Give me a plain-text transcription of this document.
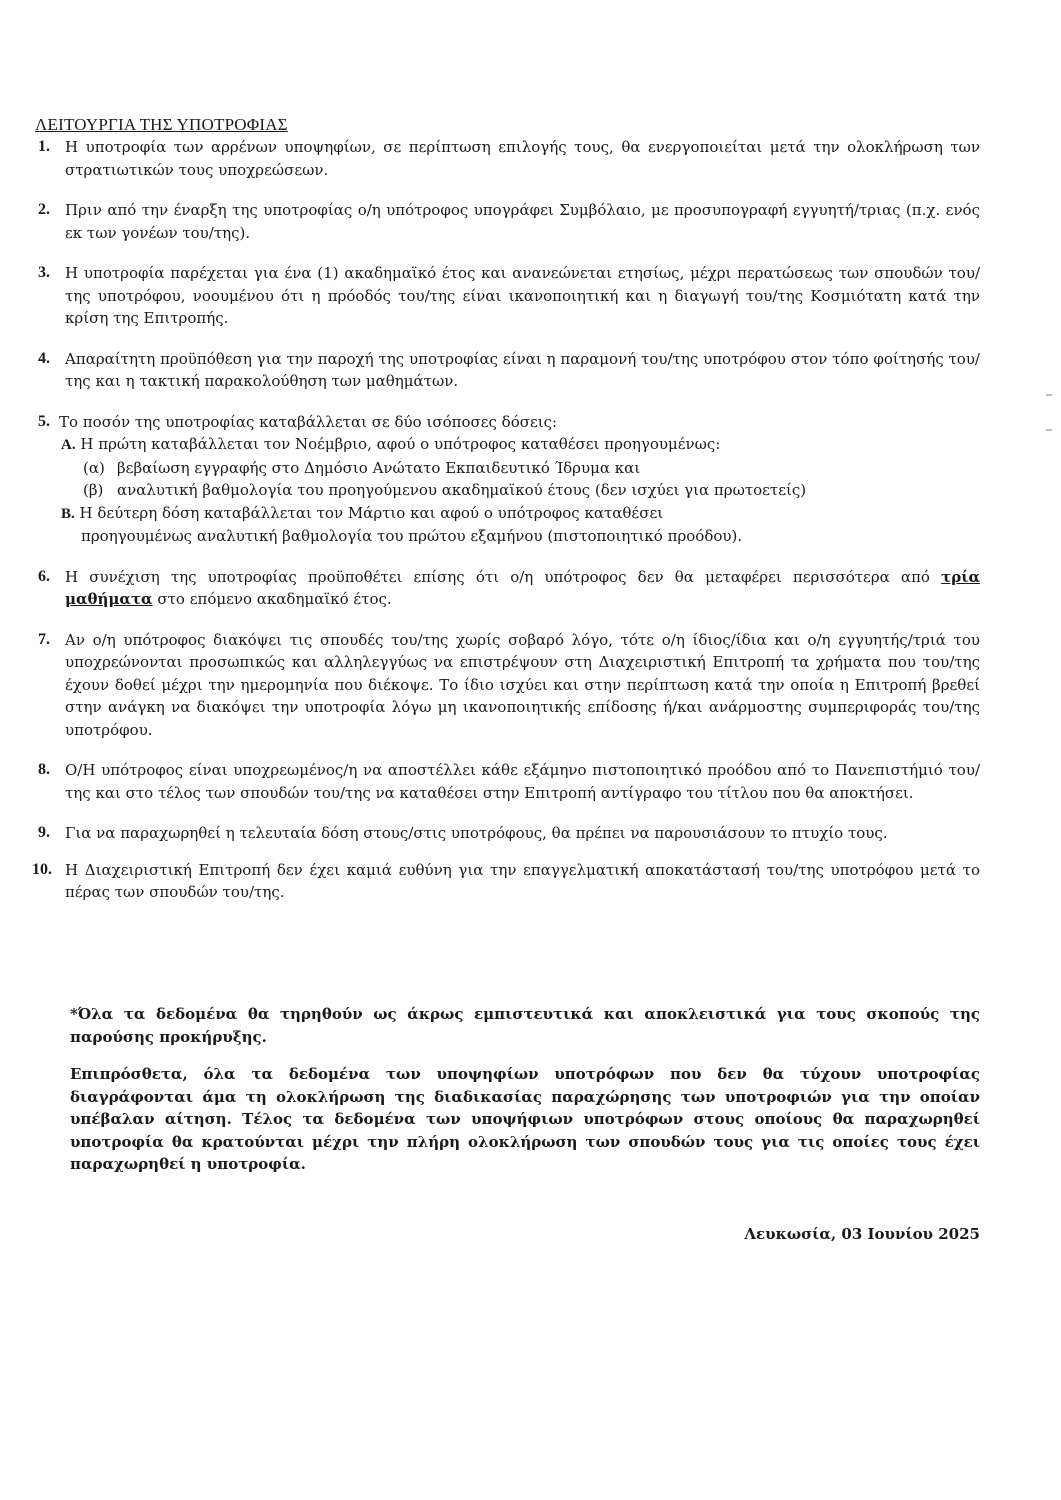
ΛΕΙΤΟΥΡΓΙΑ ΤΗΣ ΥΠΟΤΡΟΦΙΑΣ
1. Η υποτροφία των αρρένων υποψηφίων, σε περίπτωση επιλογής τους, θα ενεργοποιείται μετά την ολοκλήρωση των στρατιωτικών τους υποχρεώσεων.

2. Πριν από την έναρξη της υποτροφίας ο/η υπότροφος υπογράφει Συμβόλαιο, με προσυπογραφή εγγυητή/τριας (π.χ. ενός εκ των γονέων του/της).

3. Η υποτροφία παρέχεται για ένα (1) ακαδημαϊκό έτος και ανανεώνεται ετησίως, μέχρι περατώσεως των σπουδών του/της υποτρόφου, νοουμένου ότι η πρόοδός του/της είναι ικανοποιητική και η διαγωγή του/της Κοσμιότατη κατά την κρίση της Επιτροπής.

4. Απαραίτητη προϋπόθεση για την παροχή της υποτροφίας είναι η παραμονή του/της υποτρόφου στον τόπο φοίτησής του/της και η τακτική παρακολούθηση των μαθημάτων.

5. Το ποσόν της υποτροφίας καταβάλλεται σε δύο ισόποσες δόσεις:

Α. Η πρώτη καταβάλλεται τον Νοέμβριο, αφού ο υπότροφος καταθέσει προηγουμένως:
(α) βεβαίωση εγγραφής στο Δημόσιο Ανώτατο Εκπαιδευτικό Ίδρυμα και
(β) αναλυτική βαθμολογία του προηγούμενου ακαδημαϊκού έτους (δεν ισχύει για πρωτοετείς)
Β. Η δεύτερη δόση καταβάλλεται τον Μάρτιο και αφού ο υπότροφος καταθέσει
προηγουμένως αναλυτική βαθμολογία του πρώτου εξαμήνου (πιστοποιητικό προόδου).
6. Η συνέχιση της υποτροφίας προϋποθέτει επίσης ότι ο/η υπότροφος δεν θα μεταφέρει περισσότερα από τρία μαθήματα στο επόμενο ακαδημαϊκό έτος.

7. Αν ο/η υπότροφος διακόψει τις σπουδές του/της χωρίς σοβαρό λόγο, τότε ο/η ίδιος/ίδια και ο/η εγγυητής/τριά του υποχρεώνονται προσωπικώς και αλληλεγγύως να επιστρέψουν στη Διαχειριστική Επιτροπή τα χρήματα που του/της έχουν δοθεί μέχρι την ημερομηνία που διέκοψε. Το ίδιο ισχύει και στην περίπτωση κατά την οποία η Επιτροπή βρεθεί στην ανάγκη να διακόψει την υποτροφία λόγω μη ικανοποιητικής επίδοσης ή/και ανάρμοστης συμπεριφοράς του/της υποτρόφου.

8. Ο/Η υπότροφος είναι υποχρεωμένος/η να αποστέλλει κάθε εξάμηνο πιστοποιητικό προόδου από το Πανεπιστήμιό του/της και στο τέλος των σπουδών του/της να καταθέσει στην Επιτροπή αντίγραφο του τίτλου που θα αποκτήσει.

9. Για να παραχωρηθεί η τελευταία δόση στους/στις υποτρόφους, θα πρέπει να παρουσιάσουν το πτυχίο τους.

10. Η Διαχειριστική Επιτροπή δεν έχει καμιά ευθύνη για την επαγγελματική αποκατάστασή του/της υποτρόφου μετά το πέρας των σπουδών του/της.

*Όλα τα δεδομένα θα τηρηθούν ως άκρως εμπιστευτικά και αποκλειστικά για τους σκοπούς της παρούσης προκήρυξης.

Επιπρόσθετα, όλα τα δεδομένα των υποψηφίων υποτρόφων που δεν θα τύχουν υποτροφίας διαγράφονται άμα τη ολοκλήρωση της διαδικασίας παραχώρησης των υποτροφιών για την οποίαν υπέβαλαν αίτηση. Τέλος τα δεδομένα των υποψήφιων υποτρόφων στους οποίους θα παραχωρηθεί υποτροφία θα κρατούνται μέχρι την πλήρη ολοκλήρωση των σπουδών τους για τις οποίες τους έχει παραχωρηθεί η υποτροφία.

Λευκωσία, 03 Ιουνίου 2025
